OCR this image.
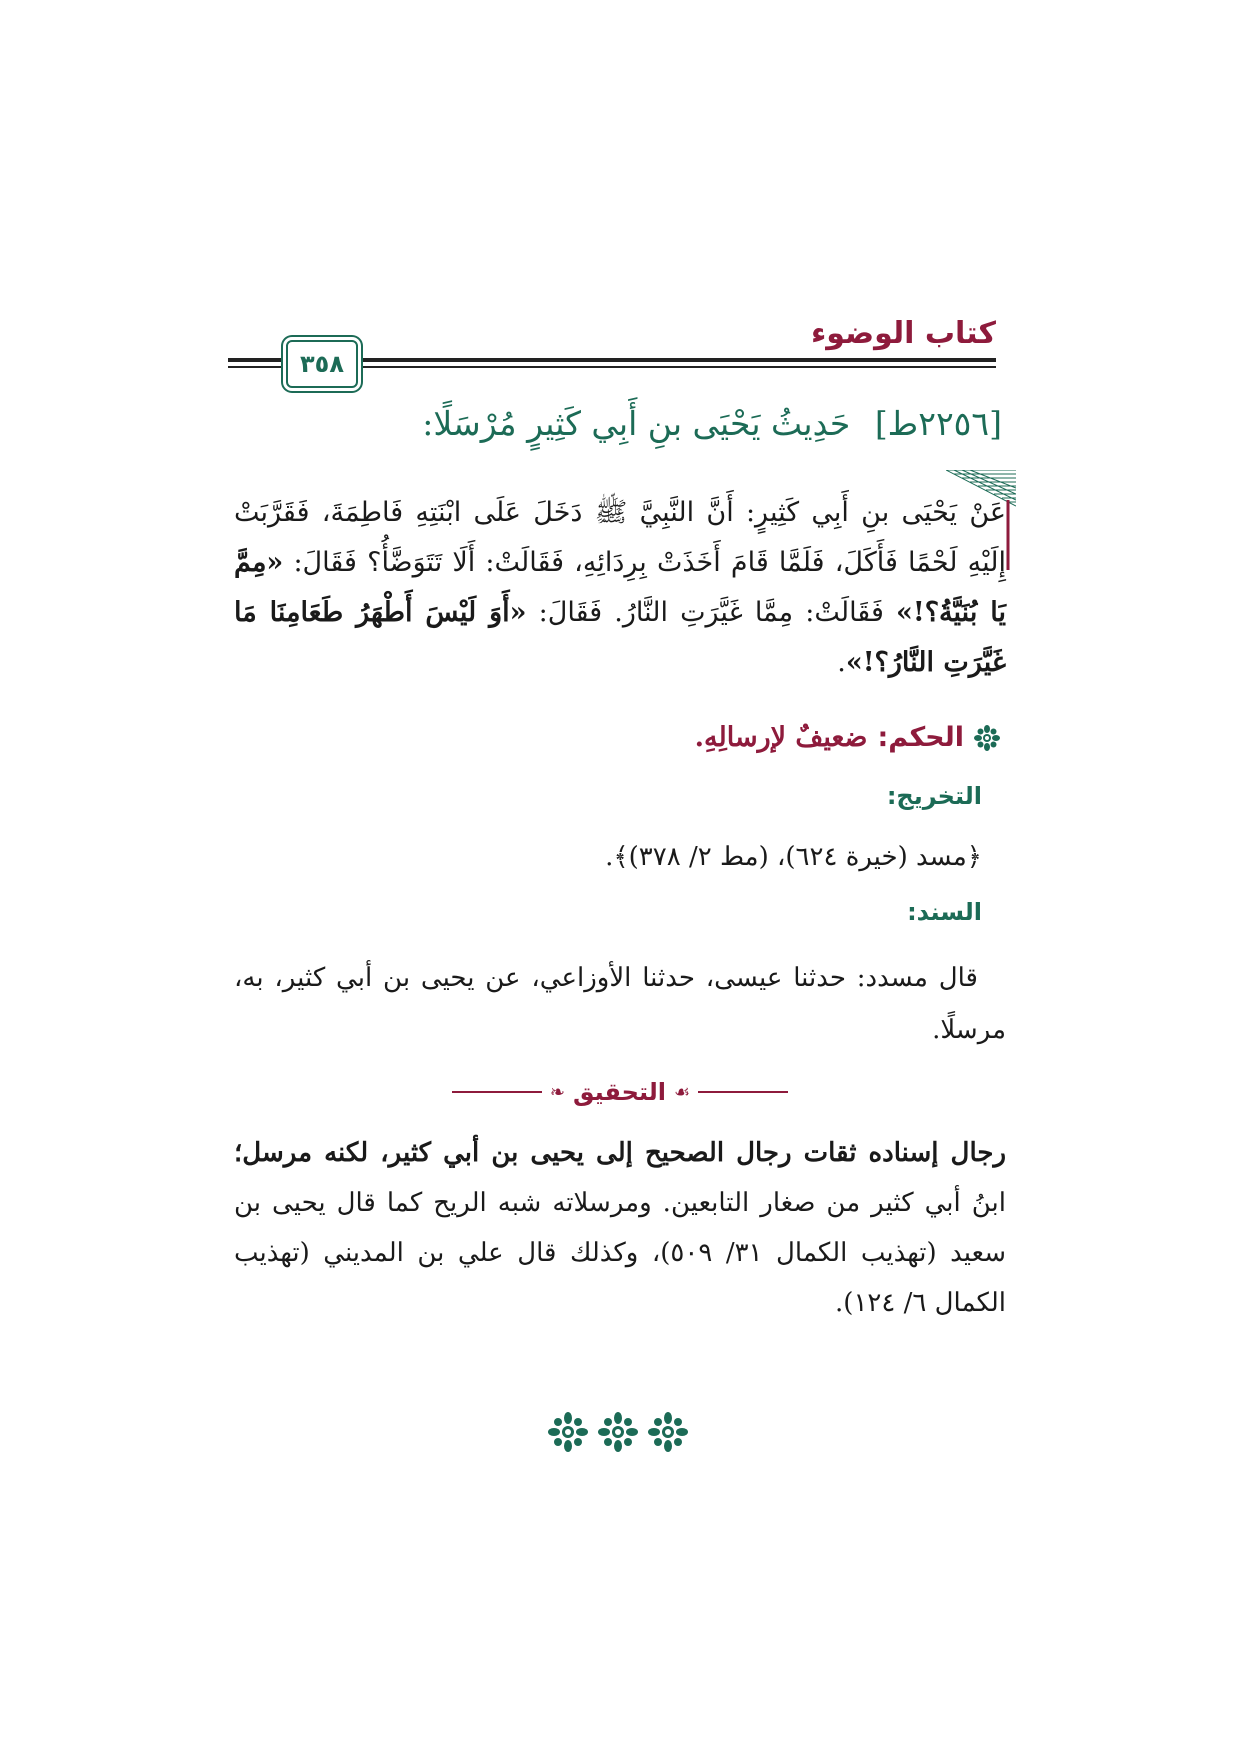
كتاب الوضوء
٣٥٨
[٢٢٥٦ط] حَدِيثُ يَحْيَى بنِ أَبِي كَثِيرٍ مُرْسَلًا:
عَنْ يَحْيَى بنِ أَبِي كَثِيرٍ: أَنَّ النَّبِيَّ ﷺ دَخَلَ عَلَى ابْنَتِهِ فَاطِمَةَ، فَقَرَّبَتْ إِلَيْهِ لَحْمًا فَأَكَلَ، فَلَمَّا قَامَ أَخَذَتْ بِرِدَائِهِ، فَقَالَتْ: أَلَا تَتَوَضَّأُ؟ فَقَالَ: «مِمَّ يَا بُنَيَّةُ؟!» فَقَالَتْ: مِمَّا غَيَّرَتِ النَّارُ. فَقَالَ: «أَوَ لَيْسَ أَطْهَرُ طَعَامِنَا مَا غَيَّرَتِ النَّارُ؟!».
الحكم:
ضعيفٌ لإرسالِهِ.
التخريج:
﴿مسد (خيرة ٦٢٤)، (مط ٢/ ٣٧٨)﴾.
السند:
قال مسدد: حدثنا عيسى، حدثنا الأوزاعي، عن يحيى بن أبي كثير، به، مرسلًا.
❧ التحقيق ☙
رجال إسناده ثقات رجال الصحيح إلى يحيى بن أبي كثير، لكنه مرسل؛ ابنُ أبي كثير من صغار التابعين. ومرسلاته شبه الريح كما قال يحيى بن سعيد (تهذيب الكمال ٣١/ ٥٠٩)، وكذلك قال علي بن المديني (تهذيب الكمال ٦/ ١٢٤).
